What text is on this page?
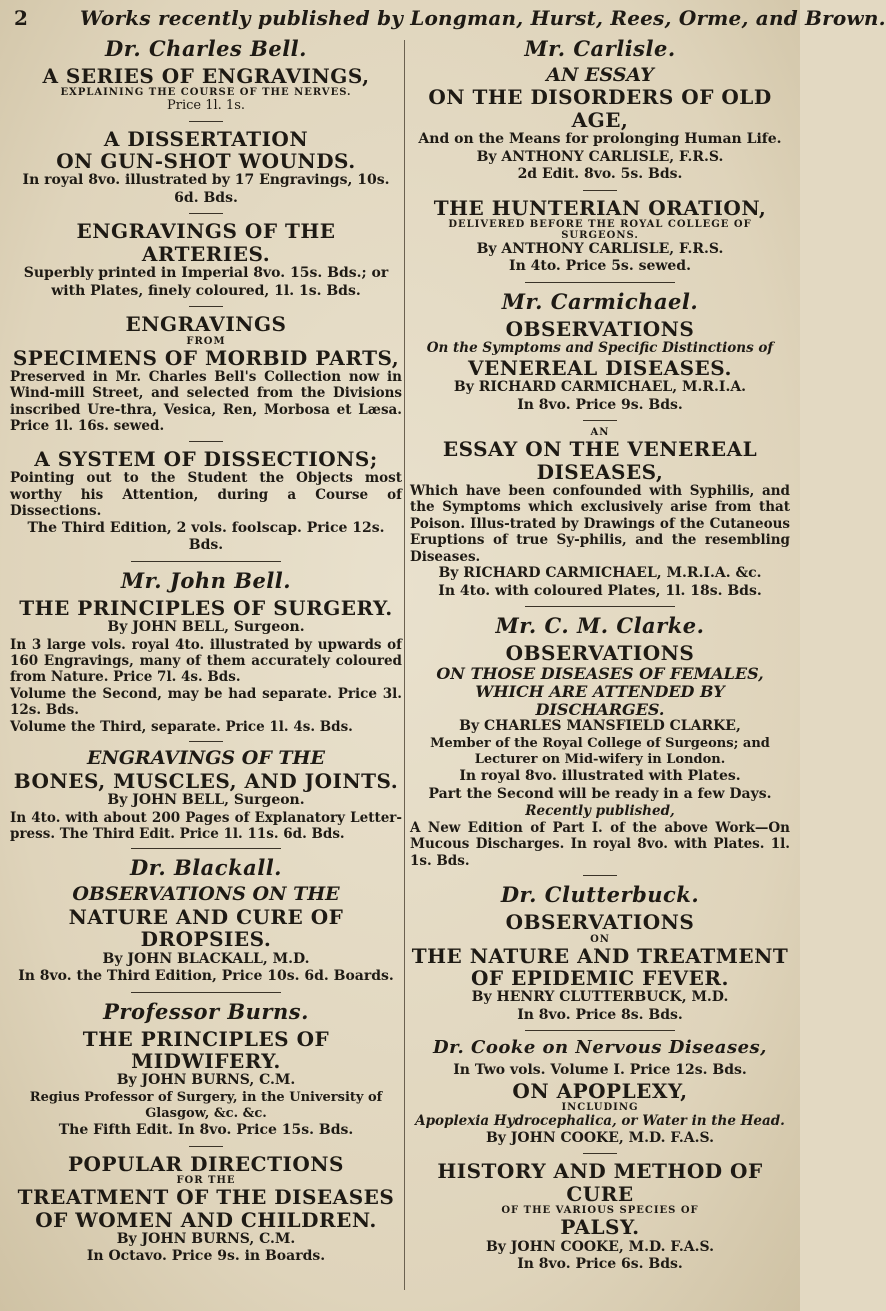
2	Works recently published by Longman, Hurst, Rees, Orme, and Brown.
Dr. Charles Bell.
A SERIES OF ENGRAVINGS,
EXPLAINING THE COURSE OF THE NERVES.
Price 1l. 1s.
A DISSERTATION
ON GUN-SHOT WOUNDS.
In royal 8vo. illustrated by 17 Engravings, 10s. 6d. Bds.
ENGRAVINGS OF THE ARTERIES.
Superbly printed in Imperial 8vo. 15s. Bds.; or with Plates, finely coloured, 1l. 1s. Bds.
ENGRAVINGS
FROM
SPECIMENS OF MORBID PARTS,
Preserved in Mr. Charles Bell's Collection now in Wind-mill Street, and selected from the Divisions inscribed Ure-thra, Vesica, Ren, Morbosa et Læsa. Price 1l. 16s. sewed.
A SYSTEM OF DISSECTIONS;
Pointing out to the Student the Objects most worthy his Attention, during a Course of Dissections.
The Third Edition, 2 vols. foolscap. Price 12s. Bds.
Mr. John Bell.
THE PRINCIPLES OF SURGERY.
By JOHN BELL, Surgeon.
In 3 large vols. royal 4to. illustrated by upwards of 160 Engravings, many of them accurately coloured from Nature. Price 7l. 4s. Bds.
Volume the Second, may be had separate. Price 3l. 12s. Bds.
Volume the Third, separate. Price 1l. 4s. Bds.
ENGRAVINGS OF THE
BONES, MUSCLES, AND JOINTS.
By JOHN BELL, Surgeon.
In 4to. with about 200 Pages of Explanatory Letter-press. The Third Edit. Price 1l. 11s. 6d. Bds.
Dr. Blackall.
OBSERVATIONS ON THE
NATURE AND CURE OF DROPSIES.
By JOHN BLACKALL, M.D.
In 8vo. the Third Edition, Price 10s. 6d. Boards.
Professor Burns.
THE PRINCIPLES OF MIDWIFERY.
By JOHN BURNS, C.M.
Regius Professor of Surgery, in the University of Glasgow, &c. &c.
The Fifth Edit. In 8vo. Price 15s. Bds.
POPULAR DIRECTIONS
FOR THE
TREATMENT OF THE DISEASES OF WOMEN AND CHILDREN.
By JOHN BURNS, C.M.
In Octavo. Price 9s. in Boards.
Mr. Carlisle.
AN ESSAY
ON THE DISORDERS OF OLD AGE,
And on the Means for prolonging Human Life.
By ANTHONY CARLISLE, F.R.S.
2d Edit. 8vo. 5s. Bds.
THE HUNTERIAN ORATION,
DELIVERED BEFORE THE ROYAL COLLEGE OF SURGEONS.
By ANTHONY CARLISLE, F.R.S.
In 4to. Price 5s. sewed.
Mr. Carmichael.
OBSERVATIONS
On the Symptoms and Specific Distinctions of
VENEREAL DISEASES.
By RICHARD CARMICHAEL, M.R.I.A.
In 8vo. Price 9s. Bds.
AN
ESSAY ON THE VENEREAL DISEASES,
Which have been confounded with Syphilis, and the Symptoms which exclusively arise from that Poison. Illus-trated by Drawings of the Cutaneous Eruptions of true Sy-philis, and the resembling Diseases.
By RICHARD CARMICHAEL, M.R.I.A. &c.
In 4to. with coloured Plates, 1l. 18s. Bds.
Mr. C. M. Clarke.
OBSERVATIONS
ON THOSE DISEASES OF FEMALES, WHICH ARE ATTENDED BY DISCHARGES.
By CHARLES MANSFIELD CLARKE,
Member of the Royal College of Surgeons; and Lecturer on Mid-wifery in London.
In royal 8vo. illustrated with Plates.
Part the Second will be ready in a few Days.
Recently published,
A New Edition of Part I. of the above Work—On Mucous Discharges. In royal 8vo. with Plates. 1l. 1s. Bds.
Dr. Clutterbuck.
OBSERVATIONS
ON
THE NATURE AND TREATMENT OF EPIDEMIC FEVER.
By HENRY CLUTTERBUCK, M.D.
In 8vo. Price 8s. Bds.
Dr. Cooke on Nervous Diseases,
In Two vols. Volume I. Price 12s. Bds.
ON APOPLEXY,
INCLUDING
Apoplexia Hydrocephalica, or Water in the Head.
By JOHN COOKE, M.D. F.A.S.
HISTORY AND METHOD OF CURE
OF THE VARIOUS SPECIES OF
PALSY.
By JOHN COOKE, M.D. F.A.S.
In 8vo. Price 6s. Bds.
